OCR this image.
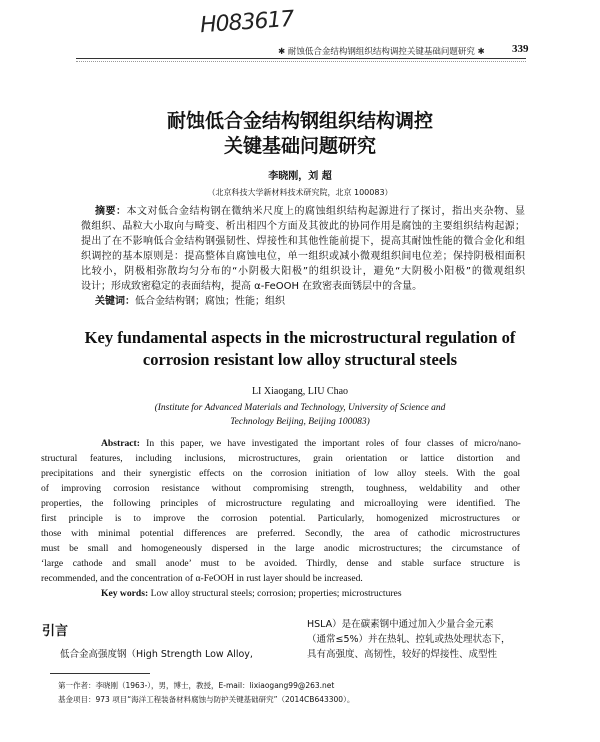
H083617
✱ 耐蚀低合金结构钢组织结构调控关键基础问题研究 ✱ 339
耐蚀低合金结构钢组织结构调控
关键基础问题研究
李晓刚，刘 超
（北京科技大学新材料技术研究院，北京 100083）
摘要：本文对低合金结构钢在微纳米尺度上的腐蚀组织结构起源进行了探讨，指出夹杂物、显
微组织、晶粒大小取向与畸变、析出相四个方面及其彼此的协同作用是腐蚀的主要组织结构起源；
提出了在不影响低合金结构钢强韧性、焊接性和其他性能前提下，提高其耐蚀性能的微合金化和组
织调控的基本原则是：提高整体自腐蚀电位，单一组织或减小微观组织间电位差；保持阴极相面积
比较小，阴极相弥散均匀分布的“小阴极大阳极”的组织设计，避免“大阴极小阳极”的微观组织
设计；形成致密稳定的表面结构，提高 α-FeOOH 在致密表面锈层中的含量。
关键词：低合金结构钢；腐蚀；性能；组织
Key fundamental aspects in the microstructural regulation of
corrosion resistant low alloy structural steels
LI Xiaogang, LIU Chao
(Institute for Advanced Materials and Technology, University of Science and
Technology Beijing, Beijing 100083)
Abstract: In this paper, we have investigated the important roles of four classes of micro/nano-
structural features, including inclusions, microstructures, grain orientation or lattice distortion and
precipitations and their synergistic effects on the corrosion initiation of low alloy steels. With the goal
of improving corrosion resistance without compromising strength, toughness, weldability and other
properties, the following principles of microstructure regulating and microalloying were identified. The
first principle is to improve the corrosion potential. Particularly, homogenized microstructures or
those with minimal potential differences are preferred. Secondly, the area of cathodic microstructures
must be small and homogeneously dispersed in the large anodic microstructures; the circumstance of
‘large cathode and small anode’ must to be avoided. Thirdly, dense and stable surface structure is
recommended, and the concentration of α-FeOOH in rust layer should be increased.
Key words: Low alloy structural steels; corrosion; properties; microstructures
引言
低合金高强度钢（High Strength Low Alloy,
HSLA）是在碳素钢中通过加入少量合金元素
（通常≤5%）并在热轧、控轧或热处理状态下，
具有高强度、高韧性，较好的焊接性、成型性
第一作者：李晓刚（1963-），男，博士，教授，E-mail：lixiaogang99@263.net
基金项目：973 项目“海洋工程装备材料腐蚀与防护关键基础研究”（2014CB643300）。
